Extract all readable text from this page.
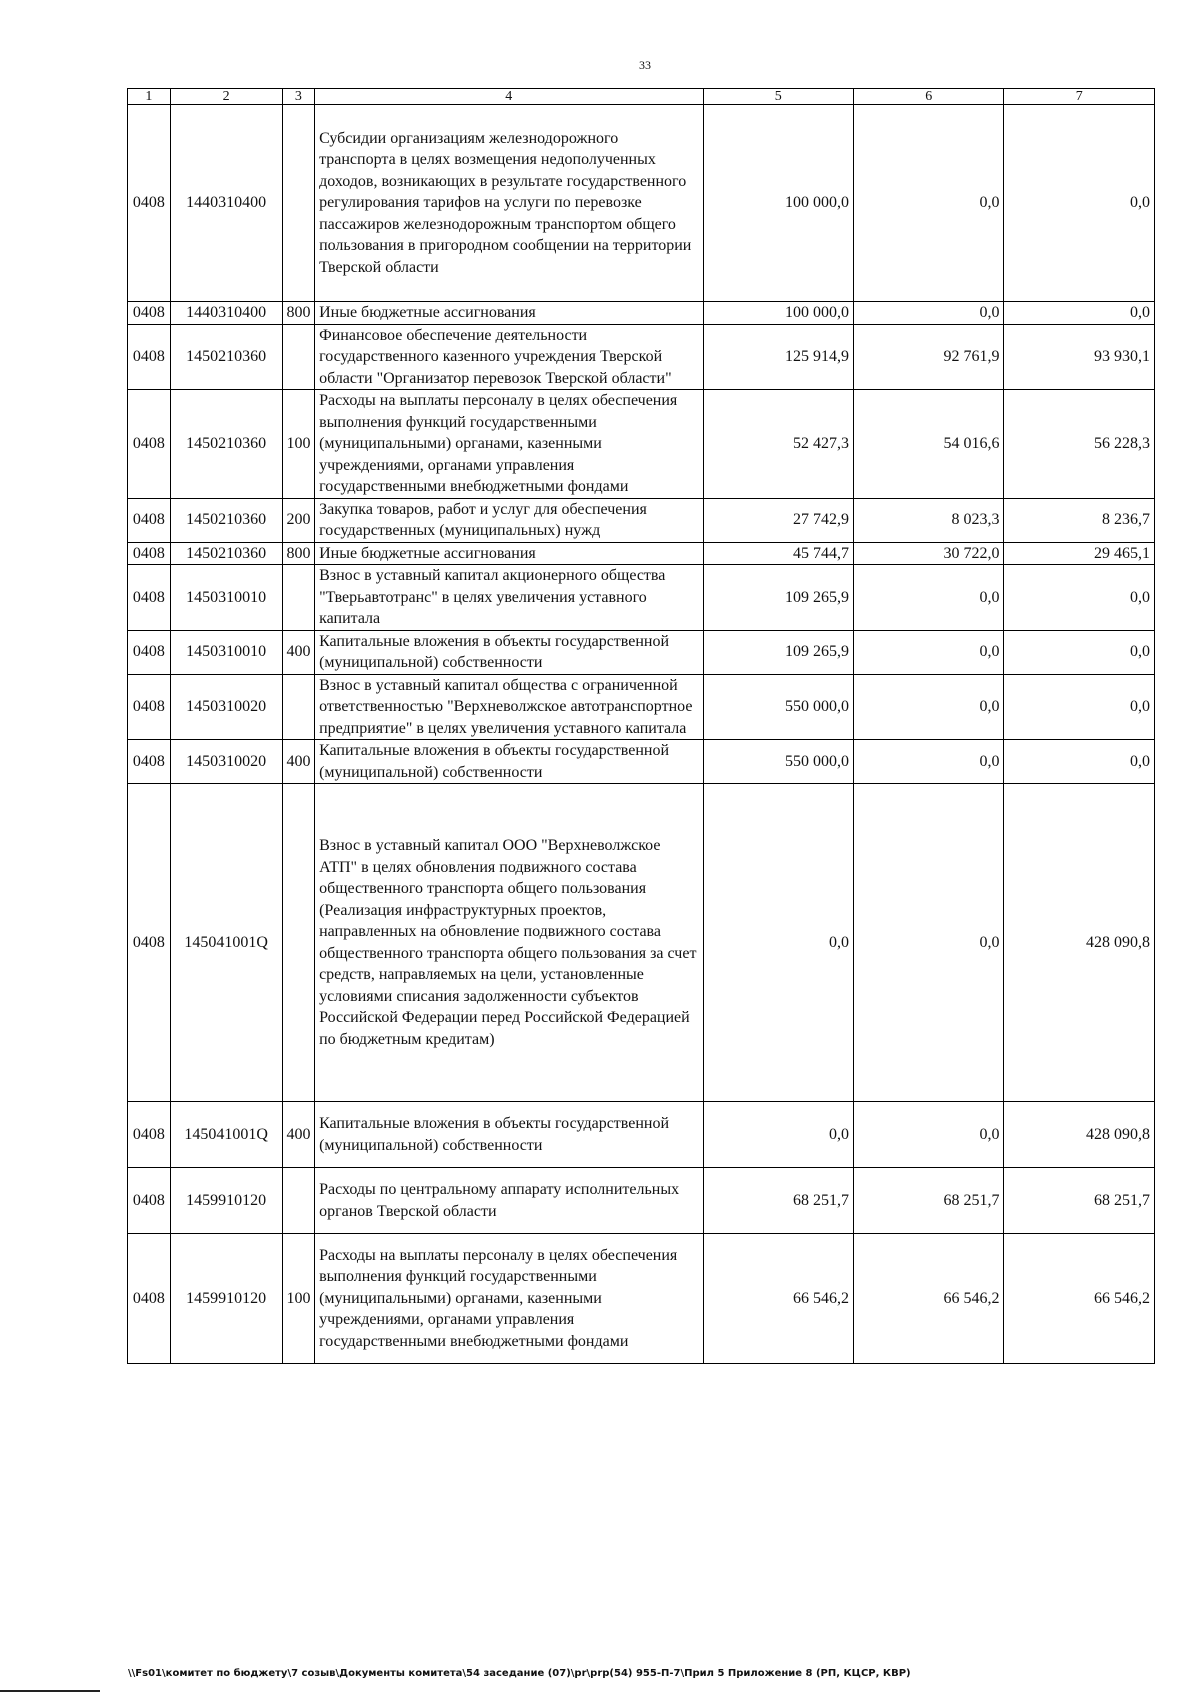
33
1	2	3	4	5	6	7
0408	1440310400		Субсидии организациям железнодорожного транспорта в целях возмещения недополученных доходов, возникающих в результате государственного регулирования тарифов на услуги по перевозке пассажиров железнодорожным транспортом общего пользования в пригородном сообщении на территории Тверской области	100 000,0	0,0	0,0
0408	1440310400	800	Иные бюджетные ассигнования	100 000,0	0,0	0,0
0408	1450210360		Финансовое обеспечение деятельности государственного казенного учреждения Тверской области "Организатор перевозок Тверской области"	125 914,9	92 761,9	93 930,1
0408	1450210360	100	Расходы на выплаты персоналу в целях обеспечения выполнения функций государственными (муниципальными) органами, казенными учреждениями, органами управления государственными внебюджетными фондами	52 427,3	54 016,6	56 228,3
0408	1450210360	200	Закупка товаров, работ и услуг для обеспечения государственных (муниципальных) нужд	27 742,9	8 023,3	8 236,7
0408	1450210360	800	Иные бюджетные ассигнования	45 744,7	30 722,0	29 465,1
0408	1450310010		Взнос в уставный капитал акционерного общества "Тверьавтотранс" в целях увеличения уставного капитала	109 265,9	0,0	0,0
0408	1450310010	400	Капитальные вложения в объекты государственной (муниципальной) собственности	109 265,9	0,0	0,0
0408	1450310020		Взнос в уставный капитал общества с ограниченной ответственностью "Верхневолжское автотранспортное предприятие" в целях увеличения уставного капитала	550 000,0	0,0	0,0
0408	1450310020	400	Капитальные вложения в объекты государственной (муниципальной) собственности	550 000,0	0,0	0,0
0408	145041001Q		Взнос в уставный капитал ООО "Верхневолжское АТП" в целях обновления подвижного состава общественного транспорта общего пользования (Реализация инфраструктурных проектов, направленных на обновление подвижного состава общественного транспорта общего пользования за счет средств, направляемых на цели, установленные условиями списания задолженности субъектов Российской Федерации перед Российской Федерацией по бюджетным кредитам)	0,0	0,0	428 090,8
0408	145041001Q	400	Капитальные вложения в объекты государственной (муниципальной) собственности	0,0	0,0	428 090,8
0408	1459910120		Расходы по центральному аппарату исполнительных органов Тверской области	68 251,7	68 251,7	68 251,7
0408	1459910120	100	Расходы на выплаты персоналу в целях обеспечения выполнения функций государственными (муниципальными) органами, казенными учреждениями, органами управления государственными внебюджетными фондами	66 546,2	66 546,2	66 546,2
\\Fs01\комитет по бюджету\7 созыв\Документы комитета\54 заседание (07)\pr\prp(54) 955-П-7\Прил 5 Приложение 8 (РП, КЦСР, КВР)
